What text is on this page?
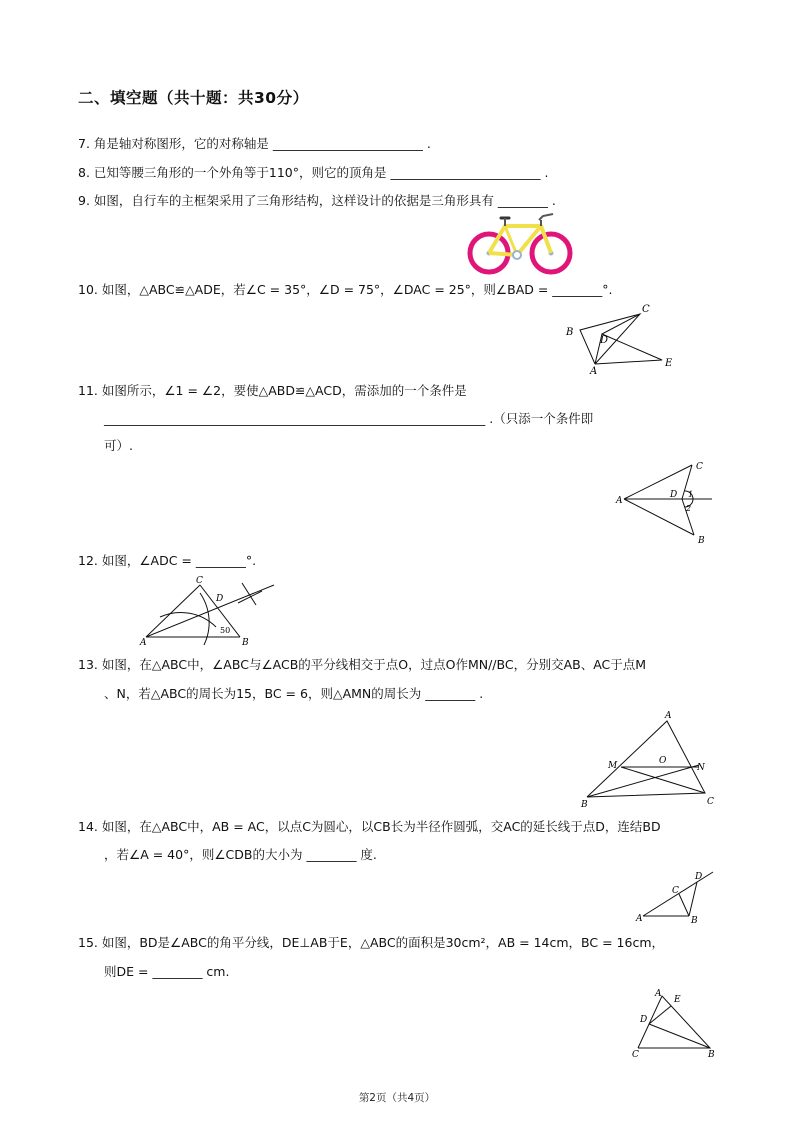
二、填空题（共十题：共30分）
7. 角是轴对称图形，它的对称轴是 ________________________ .
8. 已知等腰三角形的一个外角等于110°，则它的顶角是 ________________________ .
9. 如图，自行车的主框架采用了三角形结构，这样设计的依据是三角形具有 ________ .
10. 如图，△ABC≌△ADE，若∠C = 35°，∠D = 75°，∠DAC = 25°，则∠BAD = ________°.
B
C
D
A
E
11. 如图所示，∠1 = ∠2，要使△ABD≌△ACD，需添加的一个条件是
_____________________________________________________________ .（只添一个条件即
可）.
A
C
D 1
2
B
12. 如图，∠ADC = ________°.
A	B
C
D
50
13. 如图，在△ABC中，∠ABC与∠ACB的平分线相交于点O，过点O作MN//BC，分别交AB、AC于点M
、N，若△ABC的周长为15，BC = 6，则△AMN的周长为 ________ .
A
M	O
N
B	C
14. 如图，在△ABC中，AB = AC，以点C为圆心，以CB长为半径作圆弧，交AC的延长线于点D，连结BD
，若∠A = 40°，则∠CDB的大小为 ________ 度.
A	B
C
D
15. 如图，BD是∠ABC的角平分线，DE⊥AB于E，△ABC的面积是30cm²，AB = 14cm，BC = 16cm，
则DE = ________ cm.
A
E
D
C	B
第2页（共4页）
